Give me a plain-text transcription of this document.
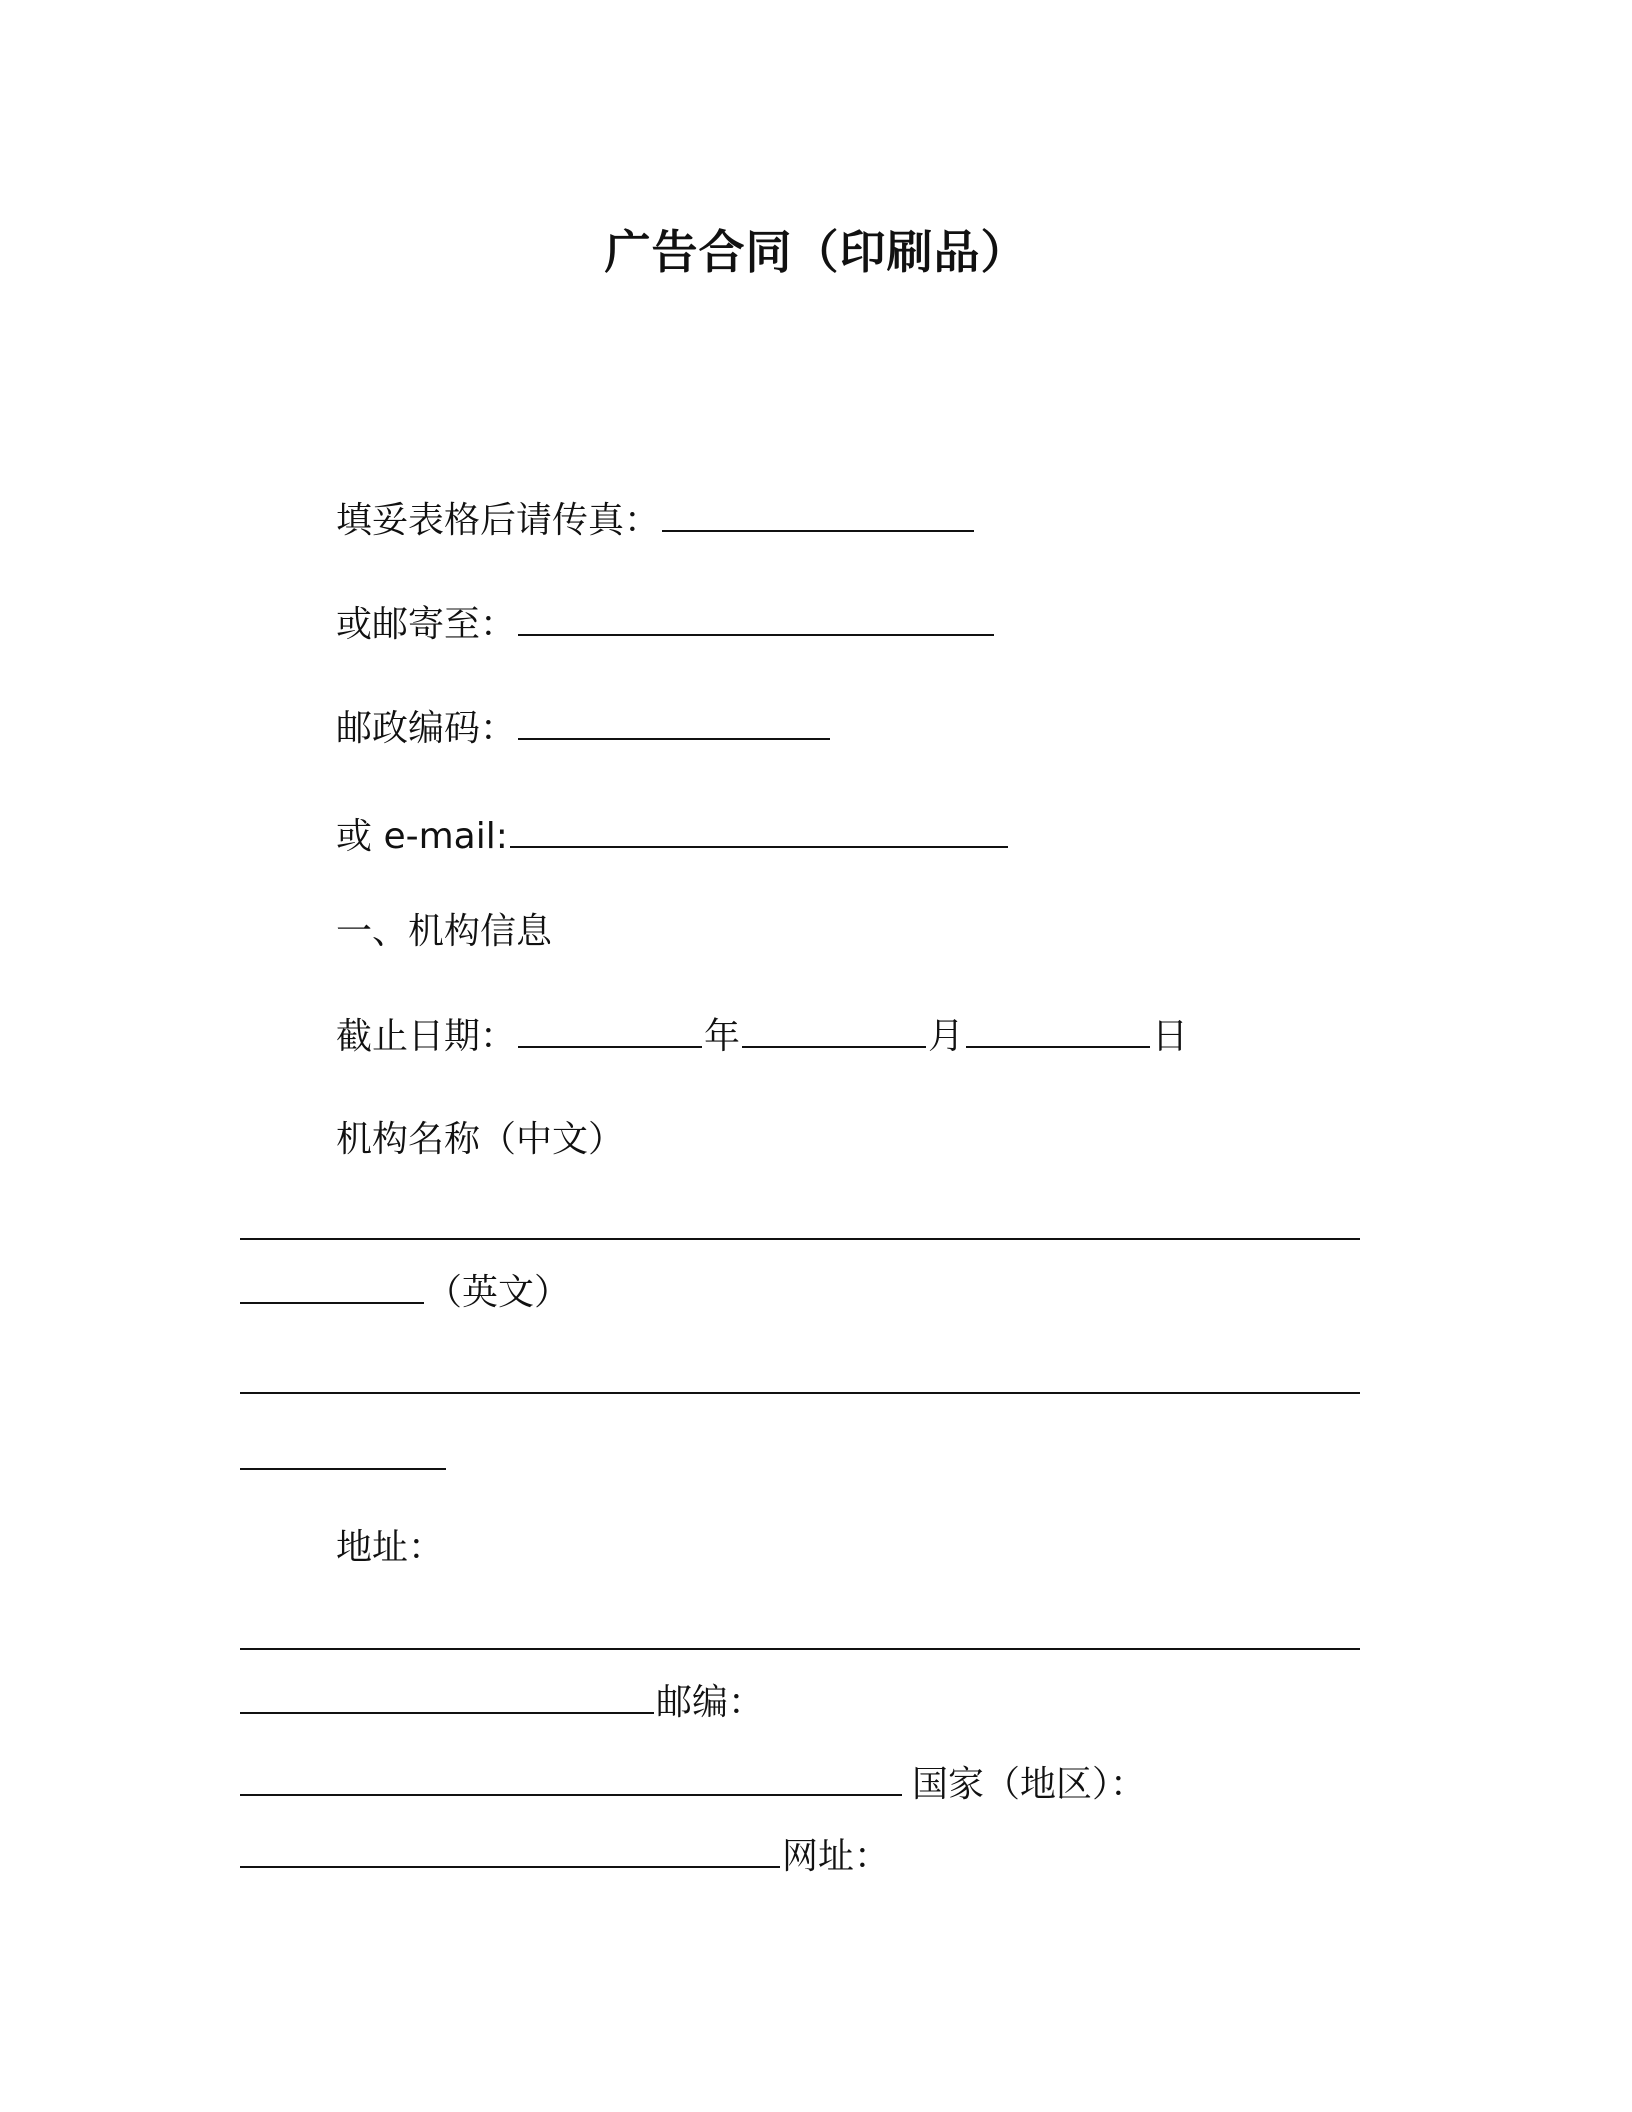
广告合同（印刷品）
填妥表格后请传真：
或邮寄至：
邮政编码：
或 e-mail:
一、机构信息
截止日期：	年	月	日
机构名称（中文）
（英文）
地址：
邮编：
国家（地区）：
网址：
